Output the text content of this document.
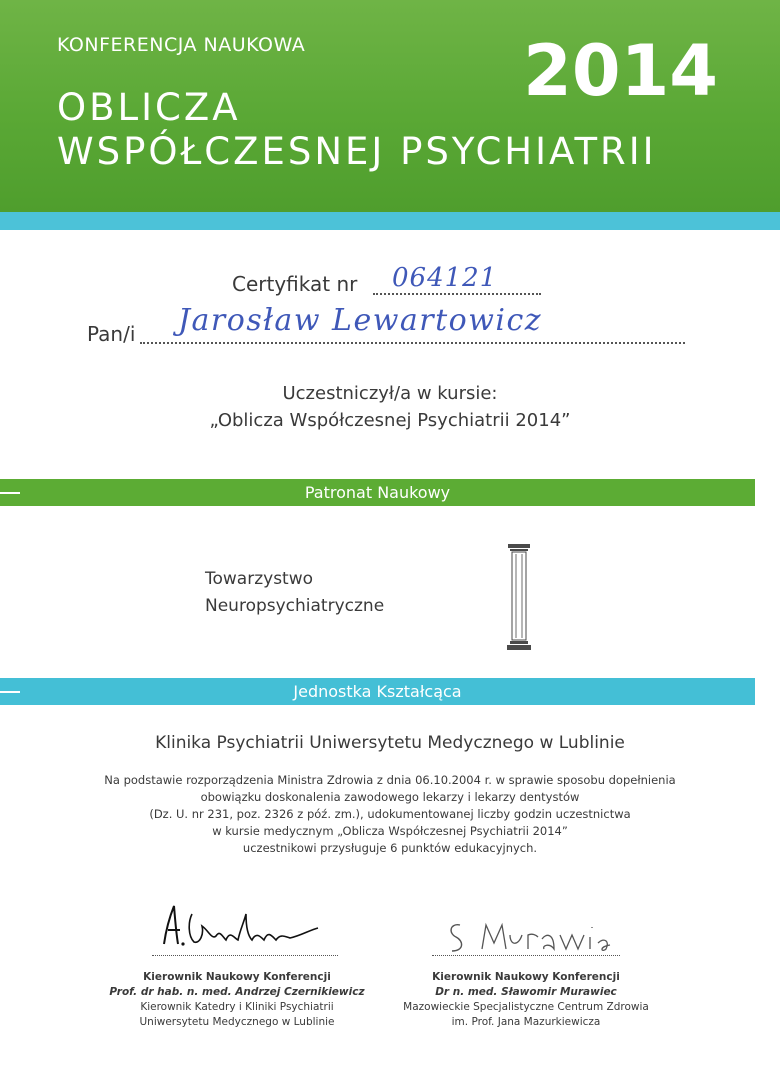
KONFERENCJA NAUKOWA
OBLICZA
WSPÓŁCZESNEJ PSYCHIATRII
2014
Certyfikat nr 064121
Pan/i Jarosław Lewartowicz
Uczestniczył/a w kursie:
„Oblicza Współczesnej Psychiatrii 2014”
Patronat Naukowy
Towarzystwo
Neuropsychiatryczne
Jednostka Kształcąca
Klinika Psychiatrii Uniwersytetu Medycznego w Lublinie
Na podstawie rozporządzenia Ministra Zdrowia z dnia 06.10.2004 r. w sprawie sposobu dopełnienia
obowiązku doskonalenia zawodowego lekarzy i lekarzy dentystów
(Dz. U. nr 231, poz. 2326 z póź. zm.), udokumentowanej liczby godzin uczestnictwa
w kursie medycznym „Oblicza Współczesnej Psychiatrii 2014”
uczestnikowi przysługuje 6 punktów edukacyjnych.
Kierownik Naukowy Konferencji
Prof. dr hab. n. med. Andrzej Czernikiewicz
Kierownik Katedry i Kliniki Psychiatrii
Uniwersytetu Medycznego w Lublinie
Kierownik Naukowy Konferencji
Dr n. med. Sławomir Murawiec
Mazowieckie Specjalistyczne Centrum Zdrowia
im. Prof. Jana Mazurkiewicza
